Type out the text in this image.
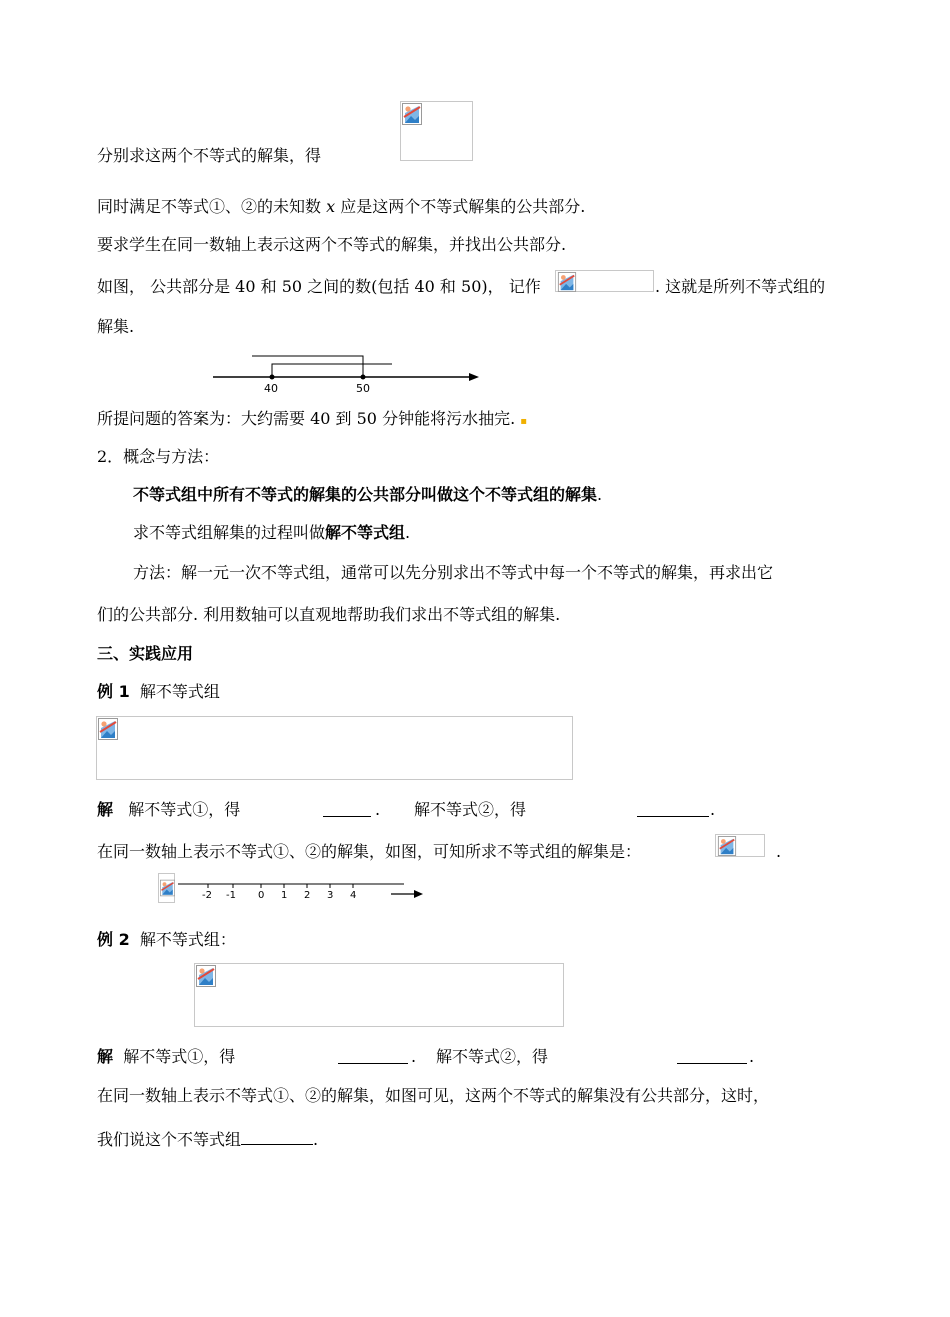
分别求这两个不等式的解集，得
同时满足不等式①、②的未知数 x 应是这两个不等式解集的公共部分.
要求学生在同一数轴上表示这两个不等式的解集，并找出公共部分.
如图， 公共部分是 40 和 50 之间的数(包括 40 和 50)， 记作	. 这就是所列不等式组的
解集.
40	50
所提问题的答案为：大约需要 40 到 50 分钟能将污水抽完. ▪
2．概念与方法：
不等式组中所有不等式的解集的公共部分叫做这个不等式组的解集.
求不等式组解集的过程叫做解不等式组.
方法：解一元一次不等式组，通常可以先分别求出不等式中每一个不等式的解集，再求出它
们的公共部分. 利用数轴可以直观地帮助我们求出不等式组的解集.
三、实践应用
例 1 解不等式组
解 解不等式①，得	. 解不等式②，得	.
在同一数轴上表示不等式①、②的解集，如图，可知所求不等式组的解集是：	.
-2 -1 0 1 2 3 4
例 2 解不等式组：
解 解不等式①，得	. 解不等式②，得	.
在同一数轴上表示不等式①、②的解集，如图可见，这两个不等式的解集没有公共部分，这时，
我们说这个不等式组	.
